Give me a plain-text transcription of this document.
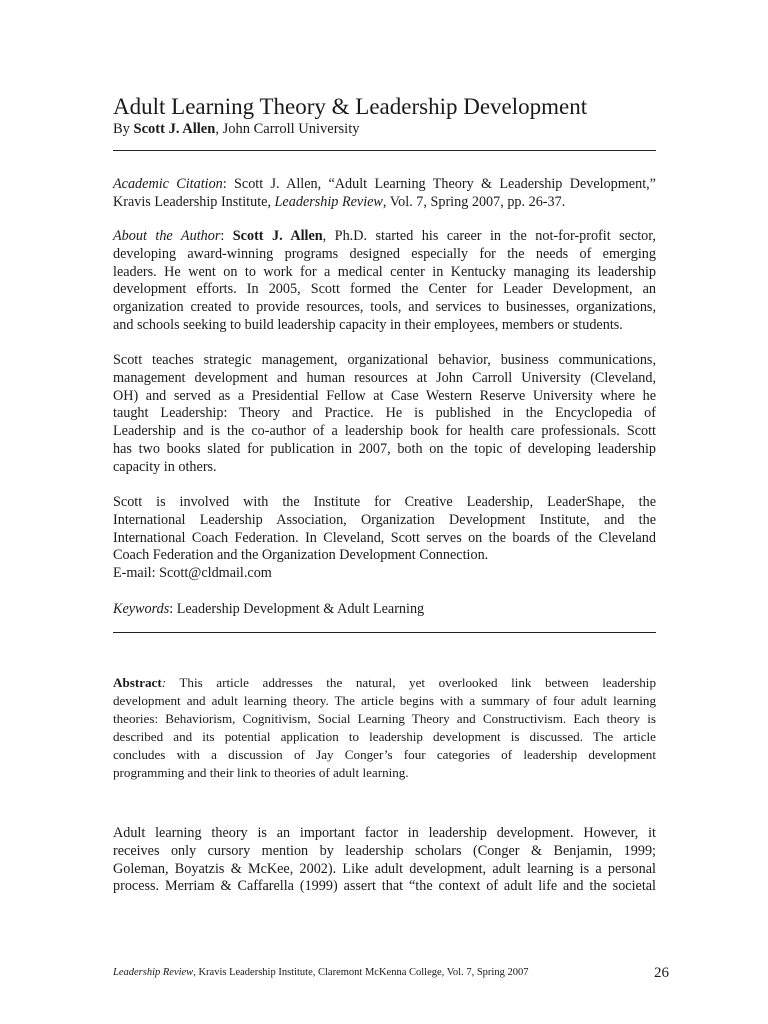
Adult Learning Theory & Leadership Development
By Scott J. Allen, John Carroll University

Academic Citation: Scott J. Allen, “Adult Learning Theory & Leadership Development,”
Kravis Leadership Institute, Leadership Review, Vol. 7, Spring 2007, pp. 26-37.

About the Author: Scott J. Allen, Ph.D. started his career in the not-for-profit sector,
developing award-winning programs designed especially for the needs of emerging
leaders. He went on to work for a medical center in Kentucky managing its leadership
development efforts. In 2005, Scott formed the Center for Leader Development, an
organization created to provide resources, tools, and services to businesses, organizations,
and schools seeking to build leadership capacity in their employees, members or students.

Scott teaches strategic management, organizational behavior, business communications,
management development and human resources at John Carroll University (Cleveland,
OH) and served as a Presidential Fellow at Case Western Reserve University where he
taught Leadership: Theory and Practice. He is published in the Encyclopedia of
Leadership and is the co-author of a leadership book for health care professionals. Scott
has two books slated for publication in 2007, both on the topic of developing leadership
capacity in others.

Scott is involved with the Institute for Creative Leadership, LeaderShape, the
International Leadership Association, Organization Development Institute, and the
International Coach Federation. In Cleveland, Scott serves on the boards of the Cleveland
Coach Federation and the Organization Development Connection.
E-mail: Scott@cldmail.com

Keywords: Leadership Development & Adult Learning

Abstract: This article addresses the natural, yet overlooked link between leadership
development and adult learning theory. The article begins with a summary of four adult learning
theories: Behaviorism, Cognitivism, Social Learning Theory and Constructivism. Each theory is
described and its potential application to leadership development is discussed. The article
concludes with a discussion of Jay Conger’s four categories of leadership development
programming and their link to theories of adult learning.

Adult learning theory is an important factor in leadership development. However, it
receives only cursory mention by leadership scholars (Conger & Benjamin, 1999;
Goleman, Boyatzis & McKee, 2002). Like adult development, adult learning is a personal
process. Merriam & Caffarella (1999) assert that “the context of adult life and the societal

Leadership Review, Kravis Leadership Institute, Claremont McKenna College, Vol. 7, Spring 2007	26
